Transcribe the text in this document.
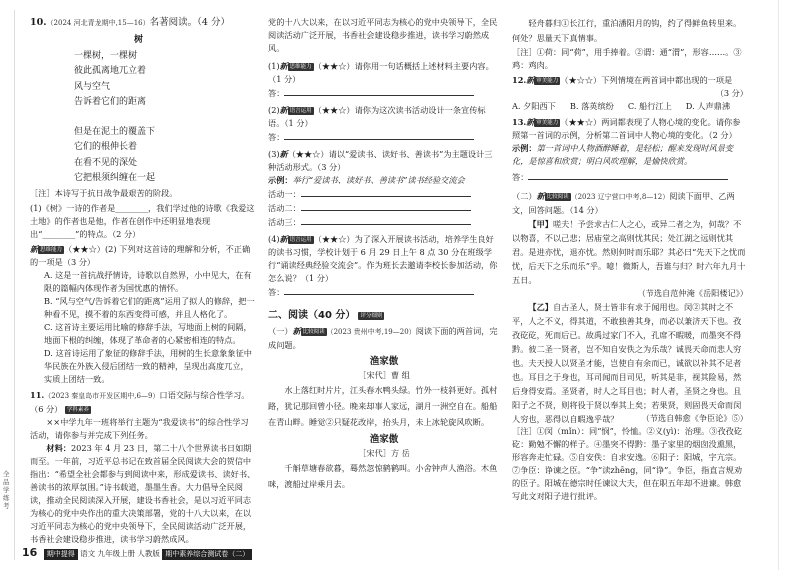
全品学练考

10.（2024 河北青龙期中,15—16）名著阅读。（4 分）

树

一棵树，一棵树

彼此孤离地兀立着

风与空气

告诉着它们的距离

但是在泥土的覆盖下

它们的根伸长着

在看不见的深处

它把根须纠缠在一起

［注］本诗写于抗日战争最艰苦的阶段。

(1)《树》一诗的作者是________，我们学过他的诗歌《我爱这土地》的作者也是他，作者在创作中还明显地表现出“________”的特点。（2 分）

新 思维能力 （★★☆）(2) 下列对这首诗的理解和分析，不正确的一项是（3 分）

A. 这是一首抗战抒情诗，诗歌以自然界，小中见大，在有限的篇幅内体现作者为国忧惠的情怀。

B. “风与空气/告诉着它们的距离”运用了拟人的修辞，把一种看不见，摸不着的东西变得可感，并且人格化了。

C. 这首诗主要运用比喻的修辞手法，写地面上树的间隔，地面下根的纠缠，体现了革命者的心紧密相连的特点。

D. 这首诗运用了象征的修辞手法，用树的生长意象象征中华民族在外族入侵后团结一致的精神，呈现出高度兀立，实质上团结一致。

11.（2023 秦皇岛市开发区期中,6—9）口语交际与综合性学习。

（6 分） 学科素养

××中学九年一班将举行主题为“我爱读书”的综合性学习活动，请你参与并完成下列任务。

材料：2023 年 4 月 23 日，第二十八个世界读书日如期而至。一年前，习近平总书记在致首届全民阅读大会的贺信中指出：“希望全社会都参与到阅读中来，形成爱读书、读好书、善读书的浓厚氛围。”诗书载道，墨墨生香。大力倡导全民阅读，推动全民阅读深入开展，建设书香社会，是以习近平同志为核心的党中央作出的重大决策部署，党的十八大以来，在以习近平同志为核心的党中央领导下，全民阅读活动广泛开展，书香社会建设稳步推进，读书学习蔚然成风。

党的十八大以来，在以习近平同志为核心的党中央领导下，全民阅读活动广泛开展，书香社会建设稳步推进，读书学习蔚然成风。

(1)新 思维能力 （★★☆）请你用一句话概括上述材料主要内容。（1 分）

答：

(2)新 语言运用 （★★☆）请你为这次读书活动设计一条宣传标语。（1 分）

答：

(3)新（★★☆）请以“爱读书、读好书、善读书”为主题设计三种活动形式。（3 分）

示例：举行“爱读书、读好书、善读书”读书经验交流会

活动一：

活动二：

活动三：

(4)新 语言运用 （★★☆）为了深入开展读书活动，培养学生良好的读书习惯，学校计划于 6 月 29 日上午 8 点 30 分在班级学行“诵读经典经验交流会”。作为班长去邀请李校长参加活动，你怎么说？（1 分）

答：

二、阅读（40 分） 评分细则

（一）新 比较阅读 （2023 贵州中考,19—20）阅读下面的两首词，完成问题。

渔家傲

［宋代］曹 组

水上落红时片片，江头春水鸭头绿。竹外一枝斜更好。孤村路，犹记那回曾小径。晚来却事人家远，湖月一洲空自在。船船在青山畔。睡觉②只疑花改岸，抬头月，未上冰轮旋风吹断。

渔家傲

［宋代］方 岳

千斛草塘春欲暮，蓦然忽惊鹤鹤叫。小舍钟声人渔浴。木鱼咪，渡船过岸乘月去。

轻舟暮归①长江行，重泊潘阳月的钩，约了得鲜鱼转里来。何处？思量天下真情事。

［注］①荷：同“荷”，用手捧着。②谓：通“渭”，形容……。③鸡：鸡肉。

12.新 审美能力 （★☆☆）下列情境在两首词中都出现的一项是

（3 分）

A. 夕阳西下 B. 落英缤纷 C. 船行江上 D. 人声鼎沸

13.新 审美能力 （★★☆）两词都表现了人物心境的变化。请你参照第一首词的示例，分析第二首词中人物心境的变化。（2 分）

示例：第一首词中人物酒醉睡着，是轻松；醒来发现时风景变化，是惊喜和欣赏；明白风吹理解，是愉快欣赏。

答：

（二）新 比较阅读 （2023 辽宁营口中考,8—12）阅读下面甲、乙两文，回答问题。（14 分）

【甲】嗟夫！予尝求古仁人之心，或异二者之为，何哉？不以物喜，不以己悲；居庙堂之高则忧其民；处江湖之远则忧其君。是进亦忧，退亦忧。然则何时而乐耶？其必曰“先天下之忧而忧，后天下之乐而乐”乎。噫！微斯人，吾谁与归？时六年九月十五日。

（节选自范仲淹《岳阳楼记》）

【乙】自古圣人，贤士皆非有求于闻用也。闵②其时之不平，人之不义，得其道，不敢独善其身，而必以兼济天下也。孜孜矻矻，死而后已。故禹过家门不入，孔席不暇暖，而墨突不得黔。彼二圣一贤者，岂不知自安佚之为乐哉？诚畏天命而悲人穷也。夫天授人以贤圣才能，岂使自有余而已，诚欲以补其不足者也。耳目之于身也，耳司闻而目司见，听其是非，视其险易，然后身得安焉。圣贤者，时人之耳目也；时人者，圣贤之身也。且阳子之不贤，则将役于贤以奉其上矣；若果贤，则固畏天命而闵人穷也，恶得以自暇逸乎哉？	（节选自韩愈《争臣论》⑤）

［注］①闵（mǐn）：同“悯”，怜恤。②义(yì)：治理。③孜孜矻矻：勤勉不懈的样子。④墨突不得黔：墨子家里的烟囱没熏黑，形容奔走忙碌。⑤自安佚：自求安逸。⑥阳子：阳城，字亢宗。⑦争臣：诤谏之臣。“争”读zhēng，同“诤”。争臣，指直言规劝的臣子。阳城在德宗时任谏议大夫，但在职五年却不进谏。韩愈写此文对阳子进行批评。

16 期中提得 语文 九年级上册 人教版 期中素养综合测试卷（二）
